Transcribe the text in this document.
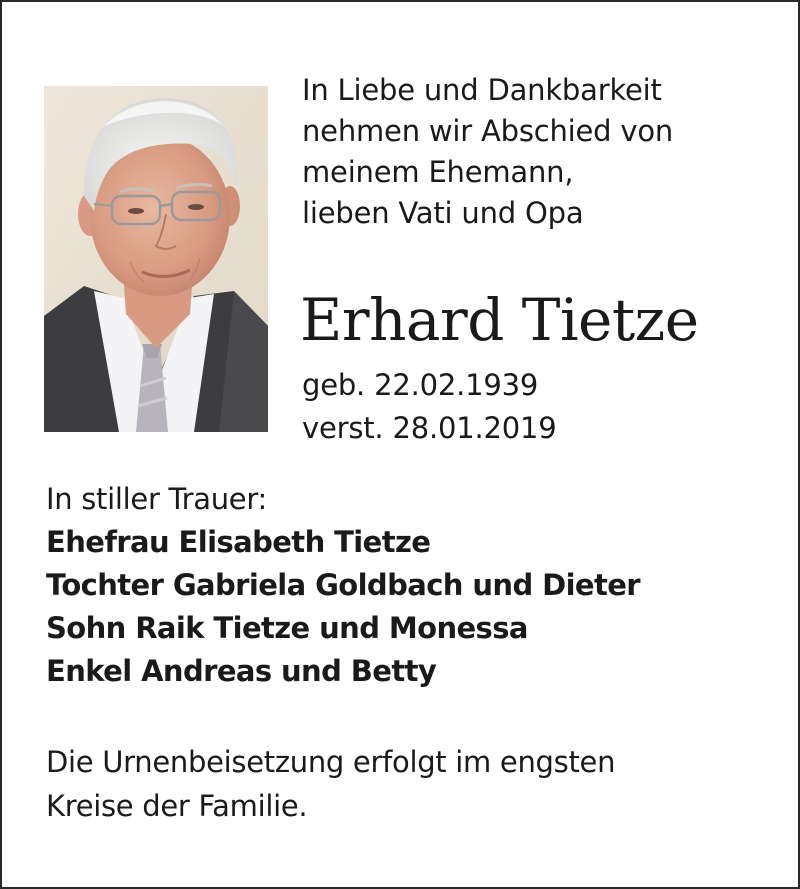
In Liebe und Dankbarkeit
nehmen wir Abschied von
meinem Ehemann,
lieben Vati und Opa
Erhard Tietze
geb. 22.02.1939
verst. 28.01.2019
In stiller Trauer:
Ehefrau Elisabeth Tietze
Tochter Gabriela Goldbach und Dieter
Sohn Raik Tietze und Monessa
Enkel Andreas und Betty
Die Urnenbeisetzung erfolgt im engsten
Kreise der Familie.
